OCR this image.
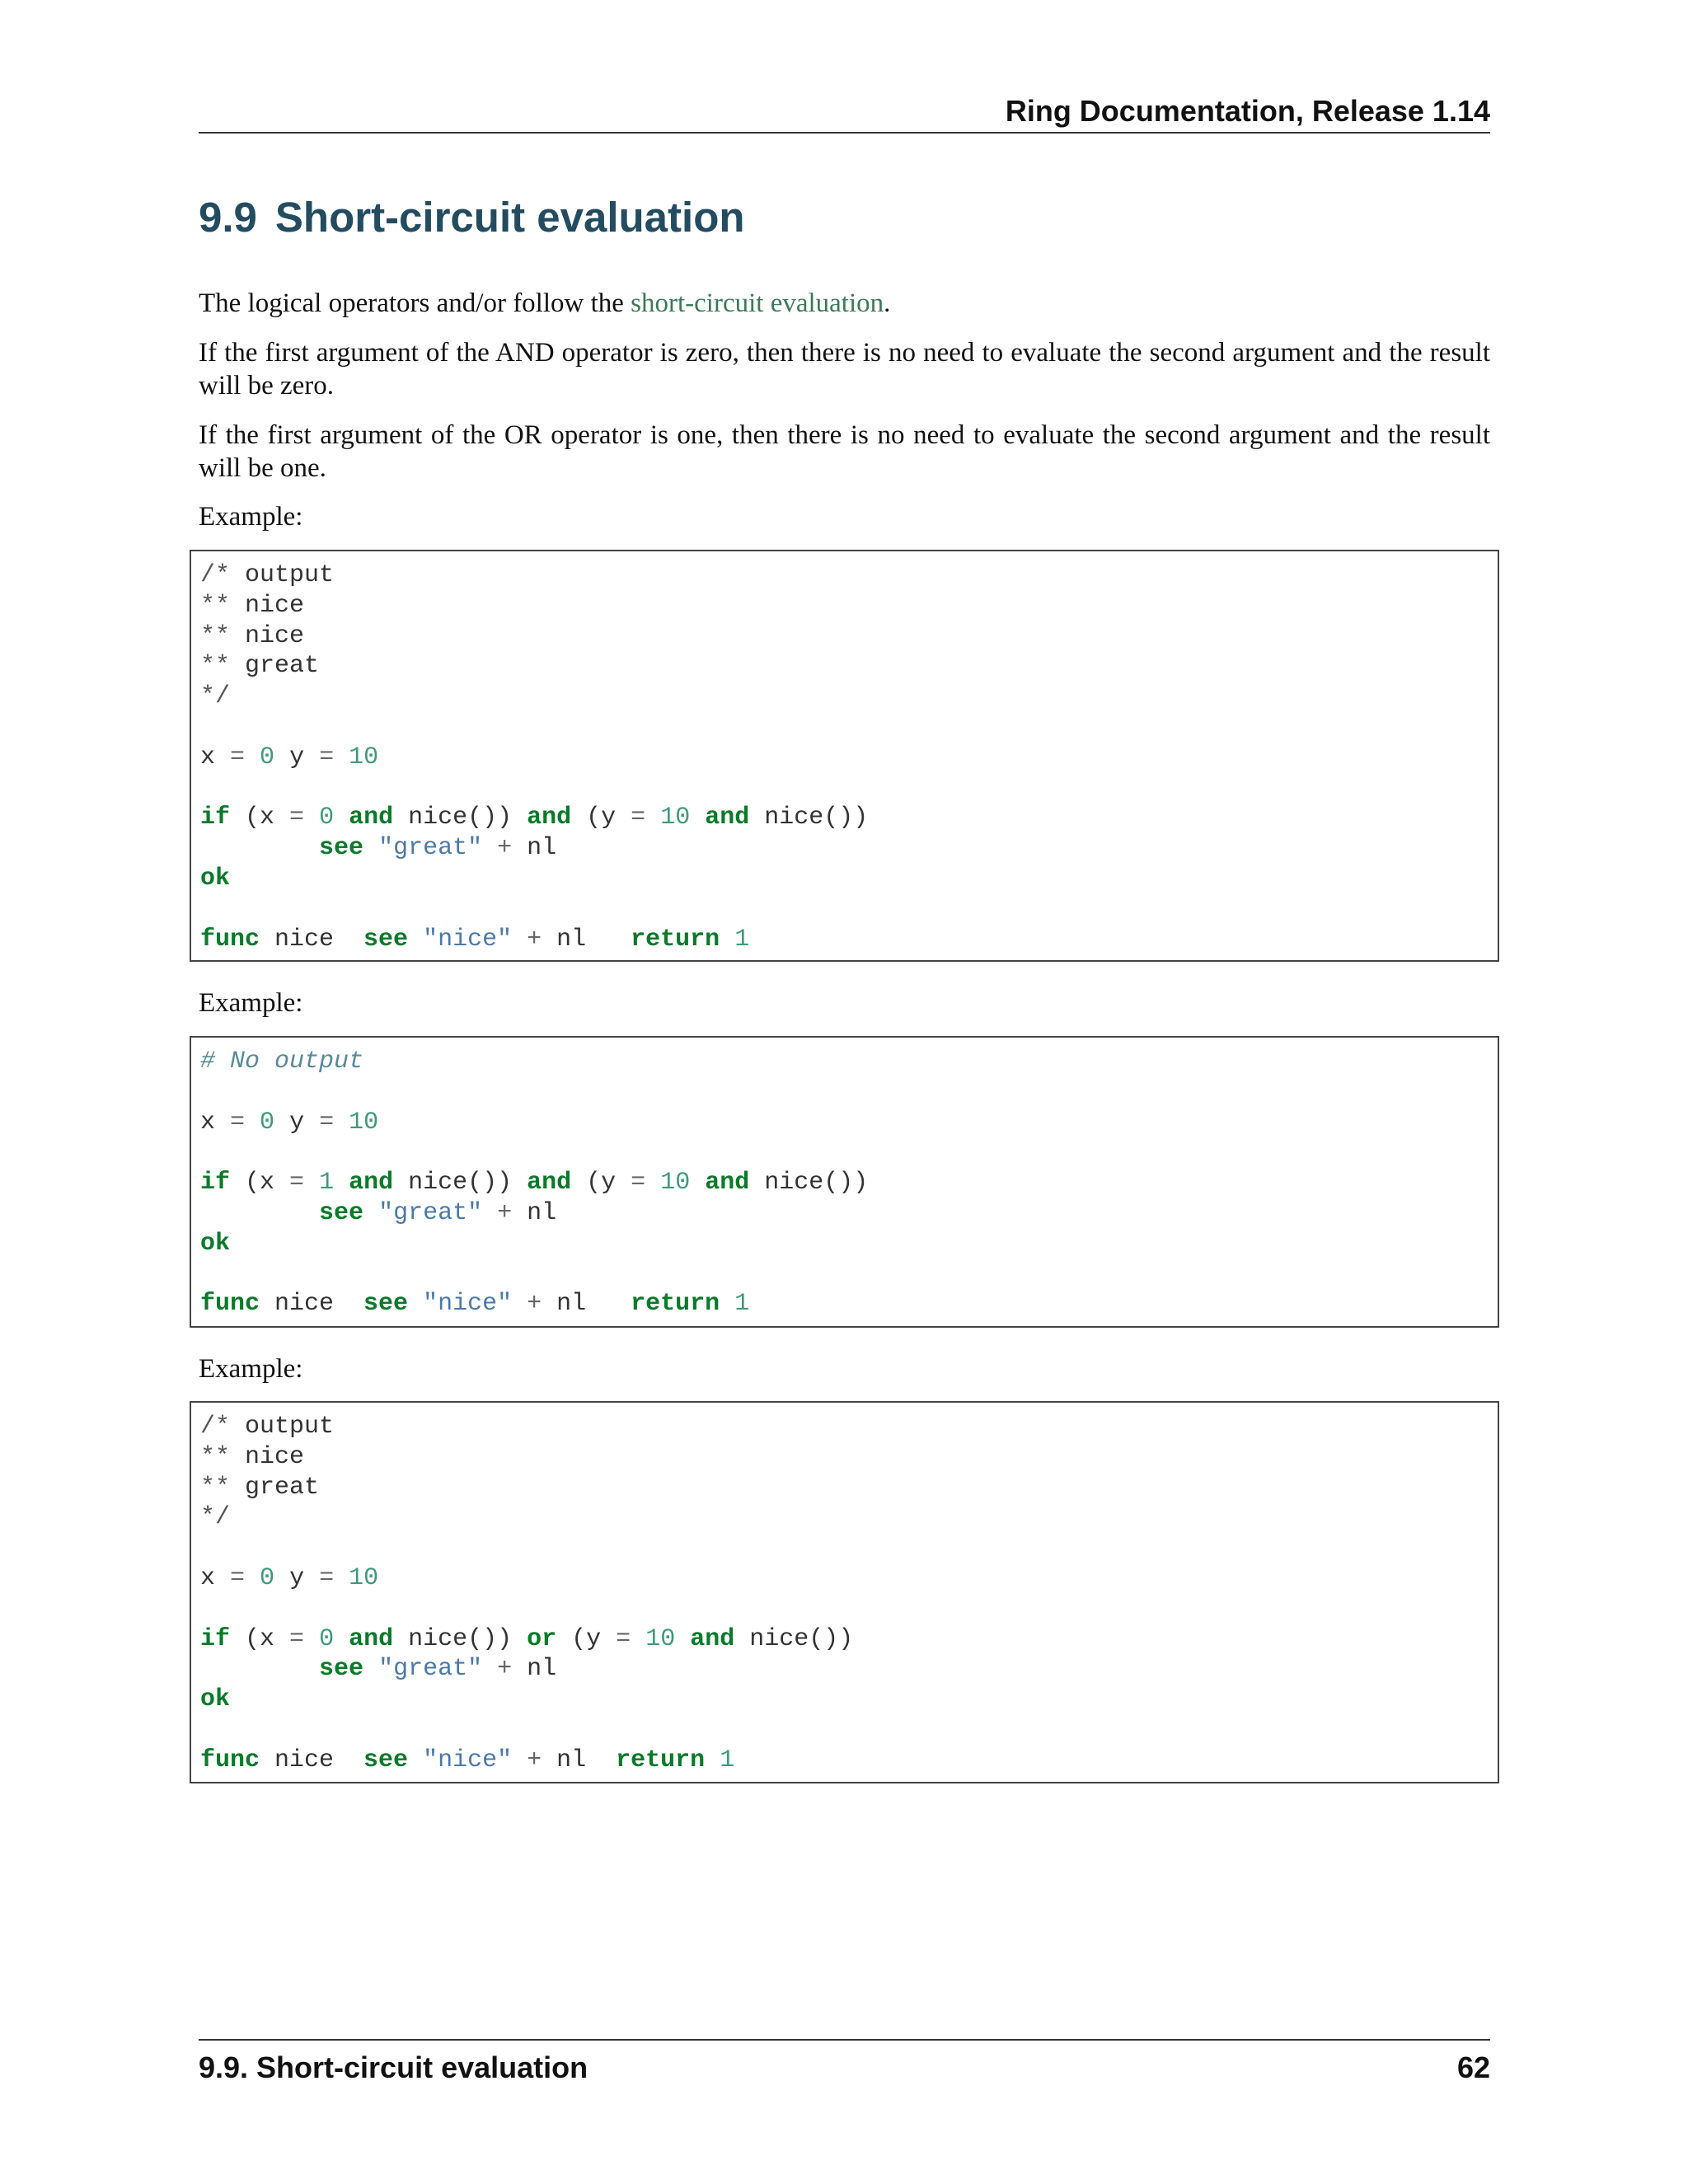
Ring Documentation, Release 1.14
9.9 Short-circuit evaluation

The logical operators and/or follow the short-circuit evaluation.

If the first argument of the AND operator is zero, then there is no need to evaluate the second argument and the result will be zero.

If the first argument of the OR operator is one, then there is no need to evaluate the second argument and the result will be one.

Example:

/* output
** nice
** nice
** great
*/

x = 0 y = 10

if (x = 0 and nice()) and (y = 10 and nice())
see "great" + nl
ok

func nice  see "nice" + nl   return 1

Example:

# No output

x = 0 y = 10

if (x = 1 and nice()) and (y = 10 and nice())
see "great" + nl
ok

func nice  see "nice" + nl   return 1

Example:

/* output
** nice
** great
*/

x = 0 y = 10

if (x = 0 and nice()) or (y = 10 and nice())
see "great" + nl
ok

func nice  see "nice" + nl  return 1
9.9. Short-circuit evaluation	62
